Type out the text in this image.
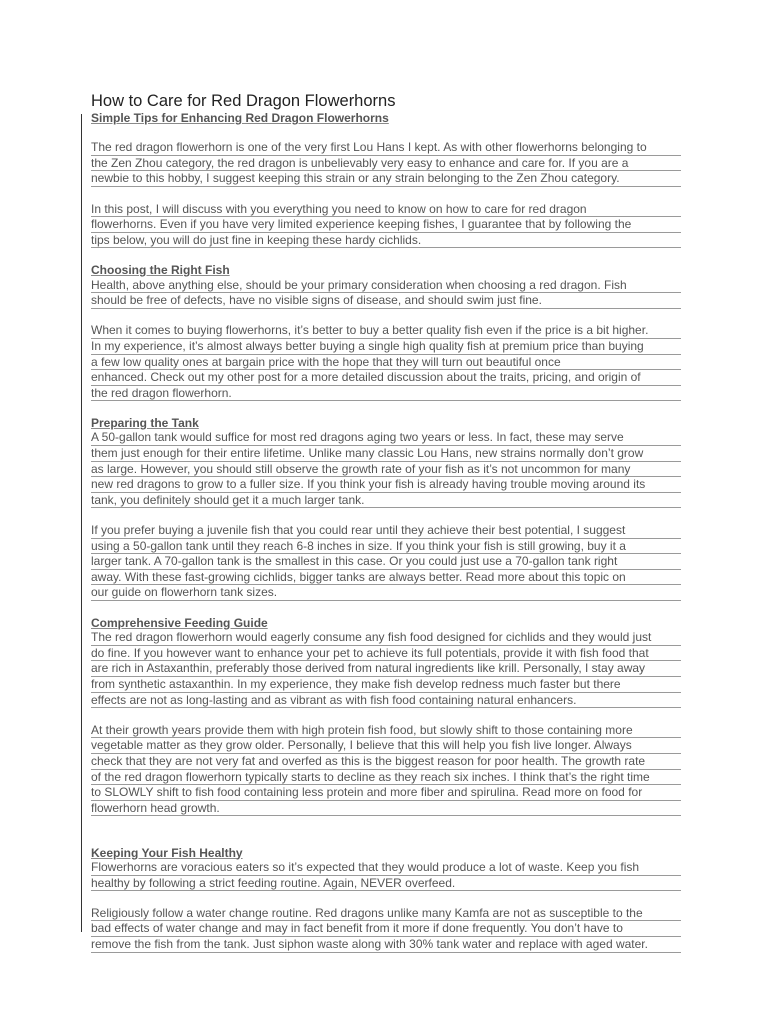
How to Care for Red Dragon Flowerhorns
Simple Tips for Enhancing Red Dragon Flowerhorns

The red dragon flowerhorn is one of the very first Lou Hans I kept. As with other flowerhorns belonging to
the Zen Zhou category, the red dragon is unbelievably very easy to enhance and care for. If you are a
newbie to this hobby, I suggest keeping this strain or any strain belonging to the Zen Zhou category.

In this post, I will discuss with you everything you need to know on how to care for red dragon
flowerhorns. Even if you have very limited experience keeping fishes, I guarantee that by following the
tips below, you will do just fine in keeping these hardy cichlids.

Choosing the Right Fish

Health, above anything else, should be your primary consideration when choosing a red dragon. Fish
should be free of defects, have no visible signs of disease, and should swim just fine.

When it comes to buying flowerhorns, it’s better to buy a better quality fish even if the price is a bit higher.
In my experience, it’s almost always better buying a single high quality fish at premium price than buying
a few low quality ones at bargain price with the hope that they will turn out beautiful once
enhanced. Check out my other post for a more detailed discussion about the traits, pricing, and origin of
the red dragon flowerhorn.

Preparing the Tank

A 50-gallon tank would suffice for most red dragons aging two years or less. In fact, these may serve
them just enough for their entire lifetime. Unlike many classic Lou Hans, new strains normally don’t grow
as large. However, you should still observe the growth rate of your fish as it’s not uncommon for many
new red dragons to grow to a fuller size. If you think your fish is already having trouble moving around its
tank, you definitely should get it a much larger tank.

If you prefer buying a juvenile fish that you could rear until they achieve their best potential, I suggest
using a 50-gallon tank until they reach 6-8 inches in size. If you think your fish is still growing, buy it a
larger tank. A 70-gallon tank is the smallest in this case. Or you could just use a 70-gallon tank right
away. With these fast-growing cichlids, bigger tanks are always better. Read more about this topic on
our guide on flowerhorn tank sizes.

Comprehensive Feeding Guide

The red dragon flowerhorn would eagerly consume any fish food designed for cichlids and they would just
do fine. If you however want to enhance your pet to achieve its full potentials, provide it with fish food that
are rich in Astaxanthin, preferably those derived from natural ingredients like krill. Personally, I stay away
from synthetic astaxanthin. In my experience, they make fish develop redness much faster but there
effects are not as long-lasting and as vibrant as with fish food containing natural enhancers.

At their growth years provide them with high protein fish food, but slowly shift to those containing more
vegetable matter as they grow older. Personally, I believe that this will help you fish live longer. Always
check that they are not very fat and overfed as this is the biggest reason for poor health. The growth rate
of the red dragon flowerhorn typically starts to decline as they reach six inches. I think that’s the right time
to SLOWLY shift to fish food containing less protein and more fiber and spirulina. Read more on food for
flowerhorn head growth.

Keeping Your Fish Healthy

Flowerhorns are voracious eaters so it’s expected that they would produce a lot of waste. Keep you fish
healthy by following a strict feeding routine. Again, NEVER overfeed.

Religiously follow a water change routine. Red dragons unlike many Kamfa are not as susceptible to the
bad effects of water change and may in fact benefit from it more if done frequently. You don’t have to
remove the fish from the tank. Just siphon waste along with 30% tank water and replace with aged water.
